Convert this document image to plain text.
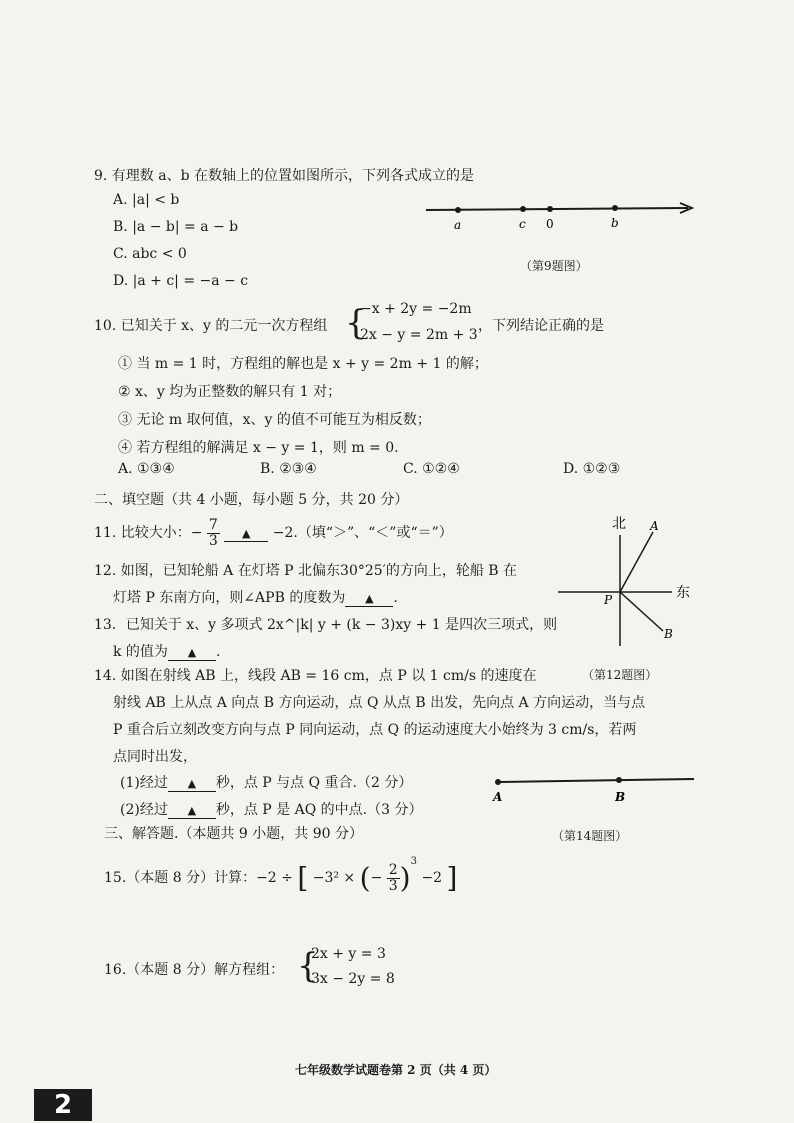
9. 有理数 a、b 在数轴上的位置如图所示，下列各式成立的是
A. |a| < b
B. |a − b| = a − b
C. abc < 0
D. |a + c| = −a − c
a	c 0	b
（第9题图）
10. 已知关于 x、y 的二元一次方程组 {
−x + 2y = −2m
2x − y = 2m + 3
，下列结论正确的是
① 当 m = 1 时，方程组的解也是 x + y = 2m + 1 的解；
② x、y 均为正整数的解只有 1 对；
③ 无论 m 取何值，x、y 的值不可能互为相反数；
④ 若方程组的解满足 x − y = 1，则 m = 0.
A. ①③④	B. ②③④	C. ①②④	D. ①②③
二、填空题（共 4 小题，每小题 5 分，共 20 分）
11. 比较大小：− $\frac{7}{3}$ ▲ −2.（填“＞”、“＜”或“＝”）
12. 如图，已知轮船 A 在灯塔 P 北偏东30°25′的方向上，轮船 B 在
灯塔 P 东南方向，则∠APB 的度数为 ▲ .
北
东
A
B
P
13．已知关于 x、y 多项式 2x^|k| y + (k − 3)xy + 1 是四次三项式，则
k 的值为 ▲ .
（第12题图）
14. 如图在射线 AB 上，线段 AB = 16 cm，点 P 以 1 cm/s 的速度在
射线 AB 上从点 A 向点 B 方向运动，点 Q 从点 B 出发，先向点 A 方向运动，当与点
P 重合后立刻改变方向与点 P 同向运动，点 Q 的运动速度大小始终为 3 cm/s，若两
点同时出发，
(1)经过 ▲ 秒，点 P 与点 Q 重合.（2 分）
(2)经过 ▲ 秒，点 P 是 AQ 的中点.（3 分）
A	B
（第14题图）
三、解答题.（本题共 9 小题，共 90 分）
15.（本题 8 分）计算：−2 ÷ [ −3² × (− $\frac{2}{3} )^3 -2$ ]
16.（本题 8 分）解方程组： {
2x + y = 3
3x − 2y = 8
七年级数学试题卷第 2 页（共 4 页）
2
